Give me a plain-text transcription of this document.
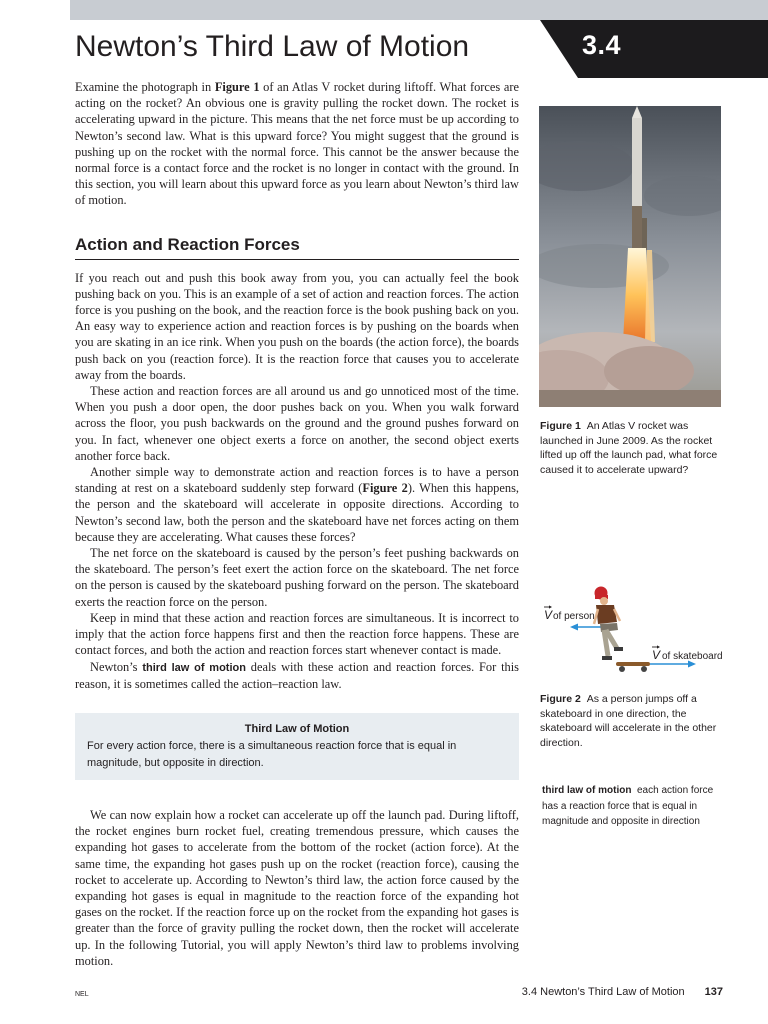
3.4
Newton’s Third Law of Motion

Examine the photograph in Figure 1 of an Atlas V rocket during liftoff. What forces are acting on the rocket? An obvious one is gravity pulling the rocket down. The rocket is accelerating upward in the picture. This means that the net force must be up according to Newton’s second law. What is this upward force? You might suggest that the ground is pushing up on the rocket with the normal force. This cannot be the answer because the normal force is a contact force and the rocket is no longer in contact with the ground. In this section, you will learn about this upward force as you learn about Newton’s third law of motion.

Action and Reaction Forces

If you reach out and push this book away from you, you can actually feel the book pushing back on you. This is an example of a set of action and reaction forces. The action force is you pushing on the book, and the reaction force is the book pushing back on you. An easy way to experience action and reaction forces is by pushing on the boards when you are skating in an ice rink. When you push on the boards (the action force), the boards push back on you (reaction force). It is the reaction force that causes you to accelerate away from the boards.

These action and reaction forces are all around us and go unnoticed most of the time. When you push a door open, the door pushes back on you. When you walk forward across the floor, you push backwards on the ground and the ground pushes forward on you. In fact, whenever one object exerts a force on another, the second object exerts another force back.

Another simple way to demonstrate action and reaction forces is to have a person standing at rest on a skateboard suddenly step forward (Figure 2). When this happens, the person and the skateboard will accelerate in opposite directions. According to Newton’s second law, both the person and the skateboard have net forces acting on them because they are accelerating. What causes these forces?

The net force on the skateboard is caused by the person’s feet pushing backwards on the skateboard. The person’s feet exert the action force on the skateboard. The net force on the person is caused by the skateboard pushing forward on the person. The skateboard exerts the reaction force on the person.

Keep in mind that these action and reaction forces are simultaneous. It is incorrect to imply that the action force happens first and then the reaction force happens. These are contact forces, and both the action and reaction forces start whenever contact is made.

Newton’s third law of motion deals with these action and reaction forces. For this reason, it is sometimes called the action–reaction law.

Third Law of Motion
For every action force, there is a simultaneous reaction force that is equal in magnitude, but opposite in direction.

We can now explain how a rocket can accelerate up off the launch pad. During liftoff, the rocket engines burn rocket fuel, creating tremendous pressure, which causes the expanding hot gases to accelerate from the bottom of the rocket (action force). At the same time, the expanding hot gases push up on the rocket (reaction force), causing the rocket to accelerate up. According to Newton’s third law, the action force caused by the expanding hot gases is equal in magnitude to the reaction force of the expanding hot gases on the rocket. If the reaction force up on the rocket from the expanding hot gases is greater than the force of gravity pulling the rocket down, then the rocket will accelerate up. In the following Tutorial, you will apply Newton’s third law to problems involving motion.

Figure 1 An Atlas V rocket was launched in June 2009. As the rocket lifted up off the launch pad, what force caused it to accelerate upward?
V of person
V of skateboard
Figure 2 As a person jumps off a skateboard in one direction, the skateboard will accelerate in the other direction.
third law of motion each action force has a reaction force that is equal in magnitude and opposite in direction
NEL	3.4 Newton’s Third Law of Motion 137
